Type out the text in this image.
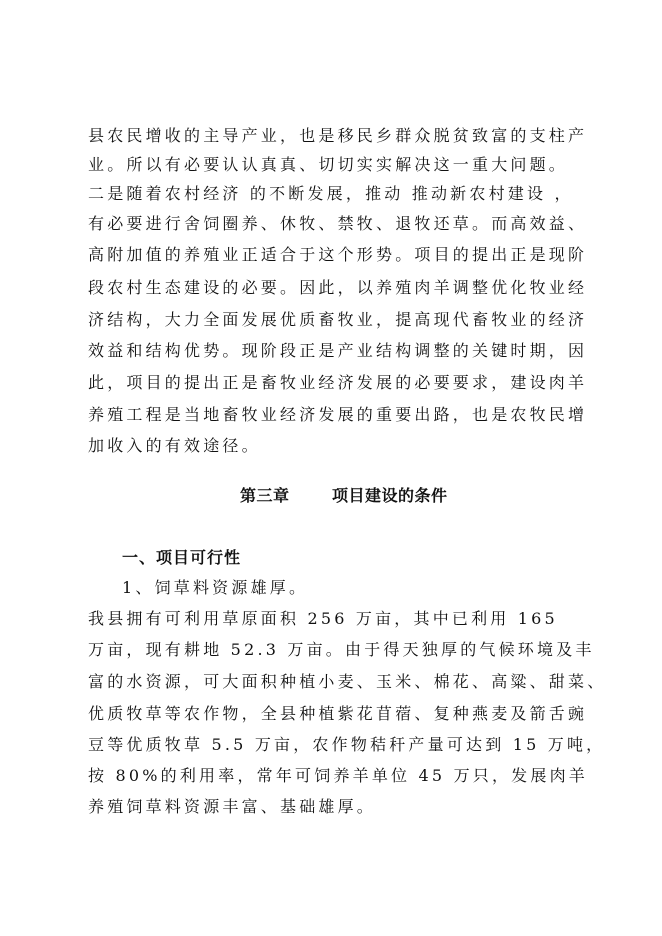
县农民增收的主导产业，也是移民乡群众脱贫致富的支柱产
业。所以有必要认认真真、切切实实解决这一重大问题。
二是随着农村经济 的不断发展，推动 推动新农村建设 ，
有必要进行舍饲圈养、休牧、禁牧、退牧还草。而高效益、
高附加值的养殖业正适合于这个形势。项目的提出正是现阶
段农村生态建设的必要。因此，以养殖肉羊调整优化牧业经
济结构，大力全面发展优质畜牧业，提高现代畜牧业的经济
效益和结构优势。现阶段正是产业结构调整的关键时期，因
此，项目的提出正是畜牧业经济发展的必要要求，建设肉羊
养殖工程是当地畜牧业经济发展的重要出路，也是农牧民增
加收入的有效途径。
第三章	项目建设的条件
一、项目可行性
1、饲草料资源雄厚。
我县拥有可利用草原面积 256 万亩，其中已利用 165
万亩，现有耕地 52.3 万亩。由于得天独厚的气候环境及丰
富的水资源，可大面积种植小麦、玉米、棉花、高粱、甜菜、
优质牧草等农作物，全县种植紫花苜蓿、复种燕麦及箭舌豌
豆等优质牧草 5.5 万亩，农作物秸秆产量可达到 15 万吨，
按 80%的利用率，常年可饲养羊单位 45 万只，发展肉羊
养殖饲草料资源丰富、基础雄厚。
